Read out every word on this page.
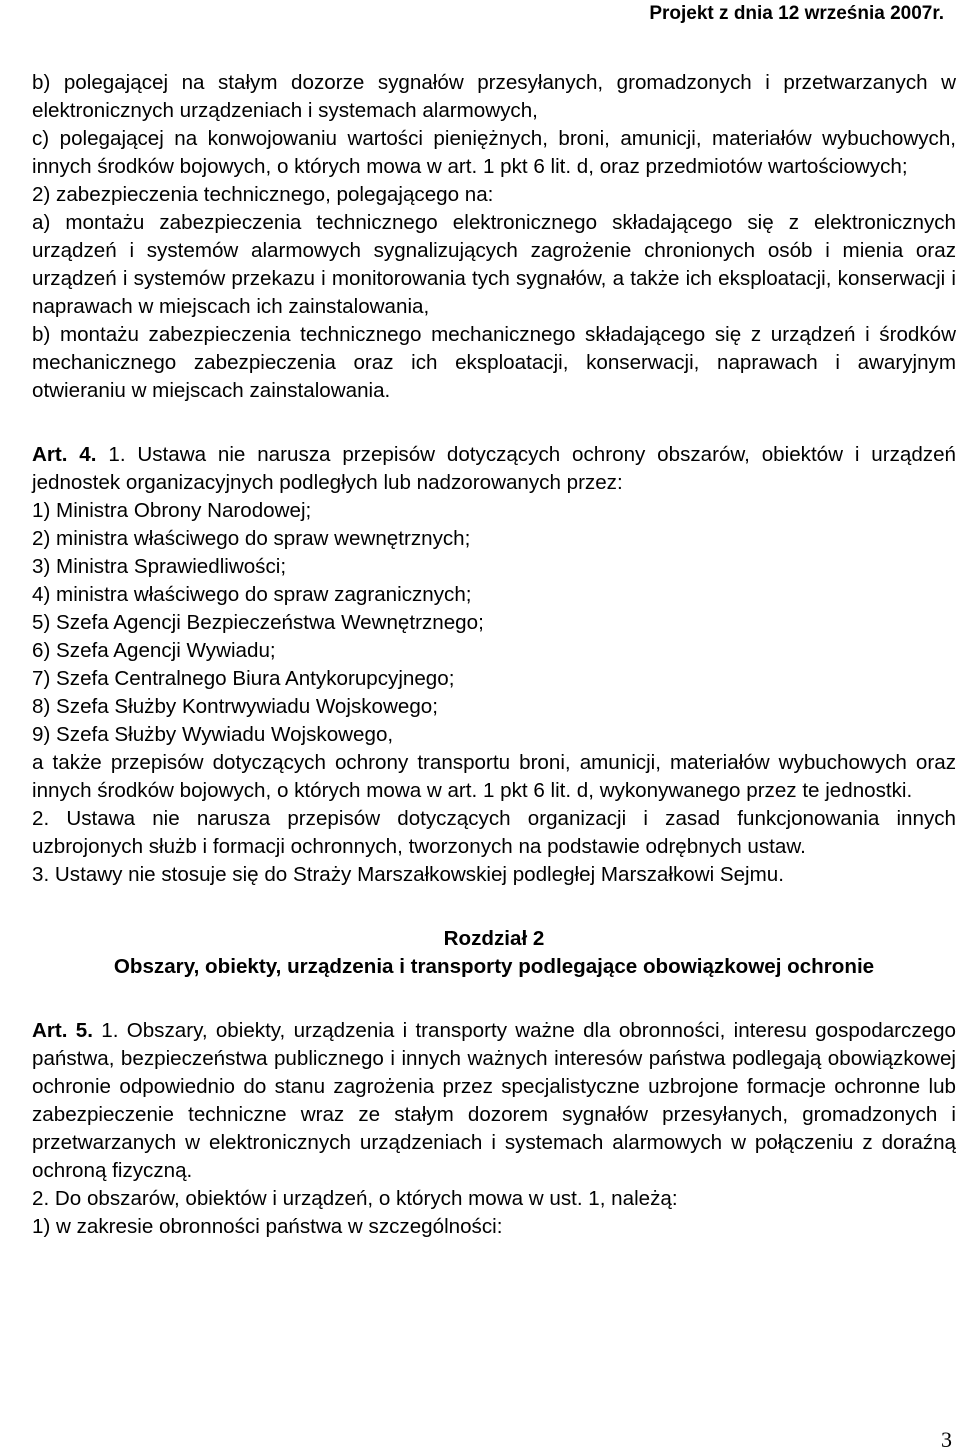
Projekt z dnia 12 września 2007r.

b) polegającej na stałym dozorze sygnałów przesyłanych, gromadzonych i przetwarzanych w elektronicznych urządzeniach i systemach alarmowych,

c) polegającej na konwojowaniu wartości pieniężnych, broni, amunicji, materiałów wybuchowych, innych środków bojowych, o których mowa w art. 1 pkt 6 lit. d, oraz przedmiotów wartościowych;

2) zabezpieczenia technicznego, polegającego na:

a) montażu zabezpieczenia technicznego elektronicznego składającego się z elektronicznych urządzeń i systemów alarmowych sygnalizujących zagrożenie chronionych osób i mienia oraz urządzeń i systemów przekazu i monitorowania tych sygnałów, a także ich eksploatacji, konserwacji i naprawach w miejscach ich zainstalowania,

b) montażu zabezpieczenia technicznego mechanicznego składającego się z urządzeń i środków mechanicznego zabezpieczenia oraz ich eksploatacji, konserwacji, naprawach i awaryjnym otwieraniu w miejscach zainstalowania.

Art. 4. 1. Ustawa nie narusza przepisów dotyczących ochrony obszarów, obiektów i urządzeń jednostek organizacyjnych podległych lub nadzorowanych przez:

1) Ministra Obrony Narodowej;

2) ministra właściwego do spraw wewnętrznych;

3) Ministra Sprawiedliwości;

4) ministra właściwego do spraw zagranicznych;

5) Szefa Agencji Bezpieczeństwa Wewnętrznego;

6) Szefa Agencji Wywiadu;

7) Szefa Centralnego Biura Antykorupcyjnego;

8) Szefa Służby Kontrwywiadu Wojskowego;

9) Szefa Służby Wywiadu Wojskowego,

a także przepisów dotyczących ochrony transportu broni, amunicji, materiałów wybuchowych oraz innych środków bojowych, o których mowa w art. 1 pkt 6 lit. d, wykonywanego przez te jednostki.

2. Ustawa nie narusza przepisów dotyczących organizacji i zasad funkcjonowania innych uzbrojonych służb i formacji ochronnych, tworzonych na podstawie odrębnych ustaw.

3. Ustawy nie stosuje się do Straży Marszałkowskiej podległej Marszałkowi Sejmu.

Rozdział 2

Obszary, obiekty, urządzenia i transporty podlegające obowiązkowej ochronie

Art. 5. 1. Obszary, obiekty, urządzenia i transporty ważne dla obronności, interesu gospodarczego państwa, bezpieczeństwa publicznego i innych ważnych interesów państwa podlegają obowiązkowej ochronie odpowiednio do stanu zagrożenia przez specjalistyczne uzbrojone formacje ochronne lub zabezpieczenie techniczne wraz ze stałym dozorem sygnałów przesyłanych, gromadzonych i przetwarzanych w elektronicznych urządzeniach i systemach alarmowych w połączeniu z doraźną ochroną fizyczną.

2. Do obszarów, obiektów i urządzeń, o których mowa w ust. 1, należą:

1) w zakresie obronności państwa w szczególności:

3
